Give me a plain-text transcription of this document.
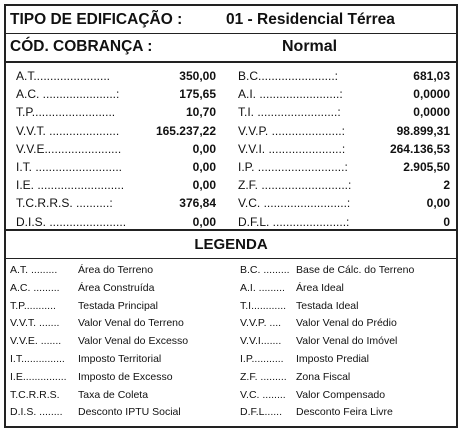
TIPO DE EDIFICAÇÃO :	01 - Residencial Térrea
CÓD. COBRANÇA :	Normal
A.T.......................	350,00 B.C.......................:	681,03
A.C. ......................:	175,65 A.I. ........................:	0,0000
T.P.........................	10,70 T.I. ........................:	0,0000
V.V.T. .....................	165.237,22 V.V.P. .....................:	98.899,31
V.V.E.......................	0,00 V.V.I. ......................:	264.136,53
I.T. ..........................	0,00 I.P. ..........................:	2.905,50
I.E. ..........................	0,00 Z.F. ..........................:	2
T.C.R.R.S. ..........:	376,84 V.C. .........................:	0,00
D.I.S. .......................	0,00 D.F.L. ......................:	0
LEGENDA
A.T. ......... Área do Terreno	B.C. ......... Base de Cálc. do Terreno
A.C. ......... Área Construída	A.I. ......... Área Ideal
T.P........... Testada Principal	T.I............ Testada Ideal
V.V.T. ....... Valor Venal do Terreno	V.V.P. .... Valor Venal do Prédio
V.V.E. ....... Valor Venal do Excesso	V.V.I....... Valor Venal do Imóvel
I.T............... Imposto Territorial	I.P........... Imposto Predial
I.E............... Imposto de Excesso	Z.F. ......... Zona Fiscal
T.C.R.R.S. Taxa de Coleta	V.C. ........ Valor Compensado
D.I.S. ........ Desconto IPTU Social	D.F.L...... Desconto Feira Livre
